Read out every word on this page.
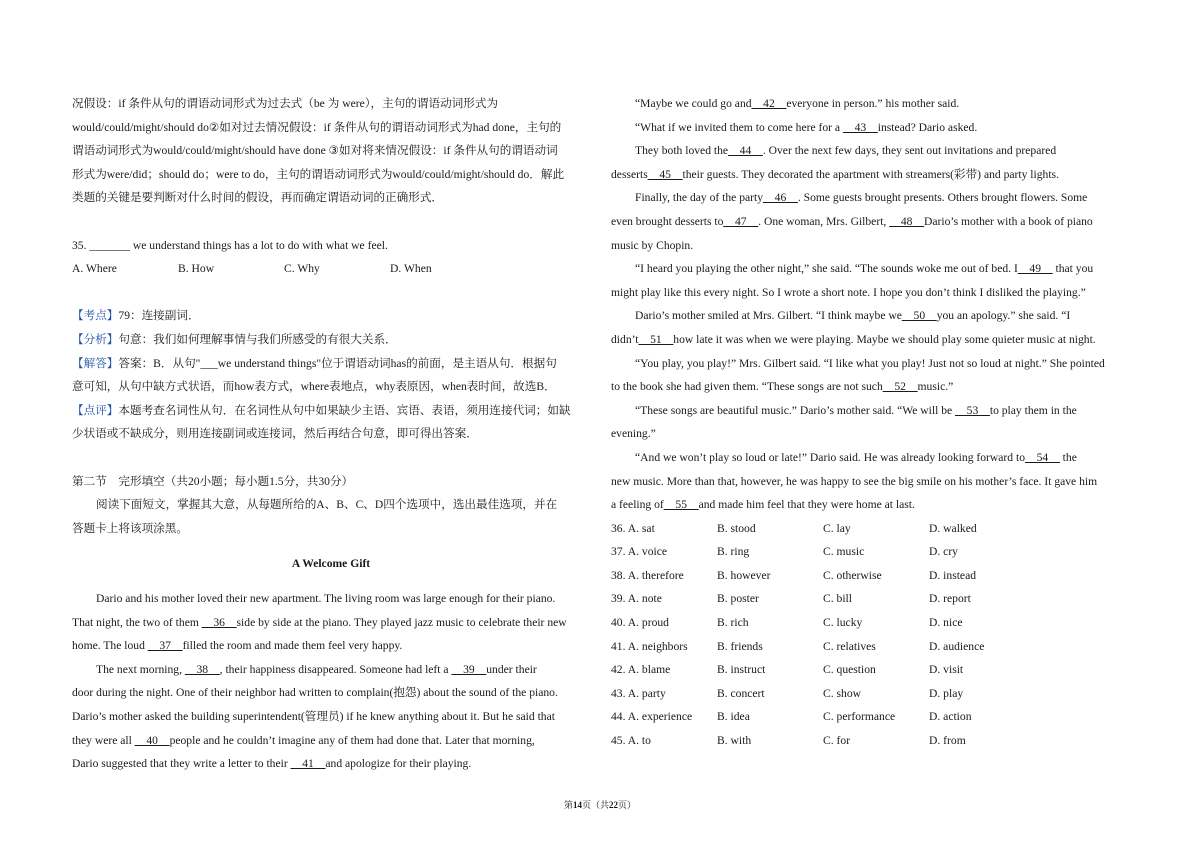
况假设：if 条件从句的谓语动词形式为过去式（be 为 were），主句的谓语动词形式为

would/could/might/should do②如对过去情况假设：if 条件从句的谓语动词形式为had done，主句的

谓语动词形式为would/could/might/should have done ③如对将来情况假设：if 条件从句的谓语动词

形式为were/did；should do；were to do，主句的谓语动词形式为would/could/might/should do．解此

类题的关键是要判断对什么时间的假设，再而确定谓语动词的正确形式．

35. _______ we understand things has a lot to do with what we feel.

A. Where	B. How	C. Why	D. When

【考点】79：连接副词．

【分析】句意：我们如何理解事情与我们所感受的有很大关系．

【解答】答案：B．从句"___we understand things"位于谓语动词has的前面，是主语从句．根据句

意可知，从句中缺方式状语，而how表方式，where表地点，why表原因，when表时间，故选B．

【点评】本题考查名词性从句．在名词性从句中如果缺少主语、宾语、表语，须用连接代词；如缺

少状语或不缺成分，则用连接副词或连接词，然后再结合句意，即可得出答案．

第二节　完形填空（共20小题；每小题1.5分，共30分）

阅读下面短文，掌握其大意，从每题所给的A、B、C、D四个选项中，选出最佳选项，并在

答题卡上将该项涂黑。

A Welcome Gift

Dario and his mother loved their new apartment. The living room was large enough for their piano.

That night, the two of them __36__side by side at the piano. They played jazz music to celebrate their new

home. The loud __37__filled the room and made them feel very happy.

The next morning, __38__, their happiness disappeared. Someone had left a __39__under their

door during the night. One of their neighbor had written to complain(抱怨) about the sound of the piano.

Dario’s mother asked the building superintendent(管理员) if he knew anything about it. But he said that

they were all __40__people and he couldn’t imagine any of them had done that. Later that morning,

Dario suggested that they write a letter to their __41__and apologize for their playing.

“Maybe we could go and__42__everyone in person.” his mother said.

“What if we invited them to come here for a __43__instead? Dario asked.

They both loved the__44__. Over the next few days, they sent out invitations and prepared

desserts__45__their guests. They decorated the apartment with streamers(彩带) and party lights.

Finally, the day of the party__46__. Some guests brought presents. Others brought flowers. Some

even brought desserts to__47__. One woman, Mrs. Gilbert, __48__Dario’s mother with a book of piano

music by Chopin.

“I heard you playing the other night,” she said. “The sounds woke me out of bed. I__49__ that you

might play like this every night. So I wrote a short note. I hope you don’t think I disliked the playing.”

Dario’s mother smiled at Mrs. Gilbert. “I think maybe we__50__you an apology.” she said. “I

didn’t__51__how late it was when we were playing. Maybe we should play some quieter music at night.

“You play, you play!” Mrs. Gilbert said. “I like what you play! Just not so loud at night.” She pointed

to the book she had given them. “These songs are not such__52__music.”

“These songs are beautiful music.” Dario’s mother said. “We will be __53__to play them in the

evening.”

“And we won’t play so loud or late!” Dario said. He was already looking forward to__54__ the

new music. More than that, however, he was happy to see the big smile on his mother’s face. It gave him

a feeling of__55__and made him feel that they were home at last.

36. A. sat	B. stood	C. lay	D. walked
37. A. voice	B. ring	C. music	D. cry
38. A. therefore	B. however	C. otherwise	D. instead
39. A. note	B. poster	C. bill	D. report
40. A. proud	B. rich	C. lucky	D. nice
41. A. neighbors	B. friends	C. relatives	D. audience
42. A. blame	B. instruct	C. question	D. visit
43. A. party	B. concert	C. show	D. play
44. A. experience	B. idea	C. performance	D. action
45. A. to	B. with	C. for	D. from
第14页（共22页）
